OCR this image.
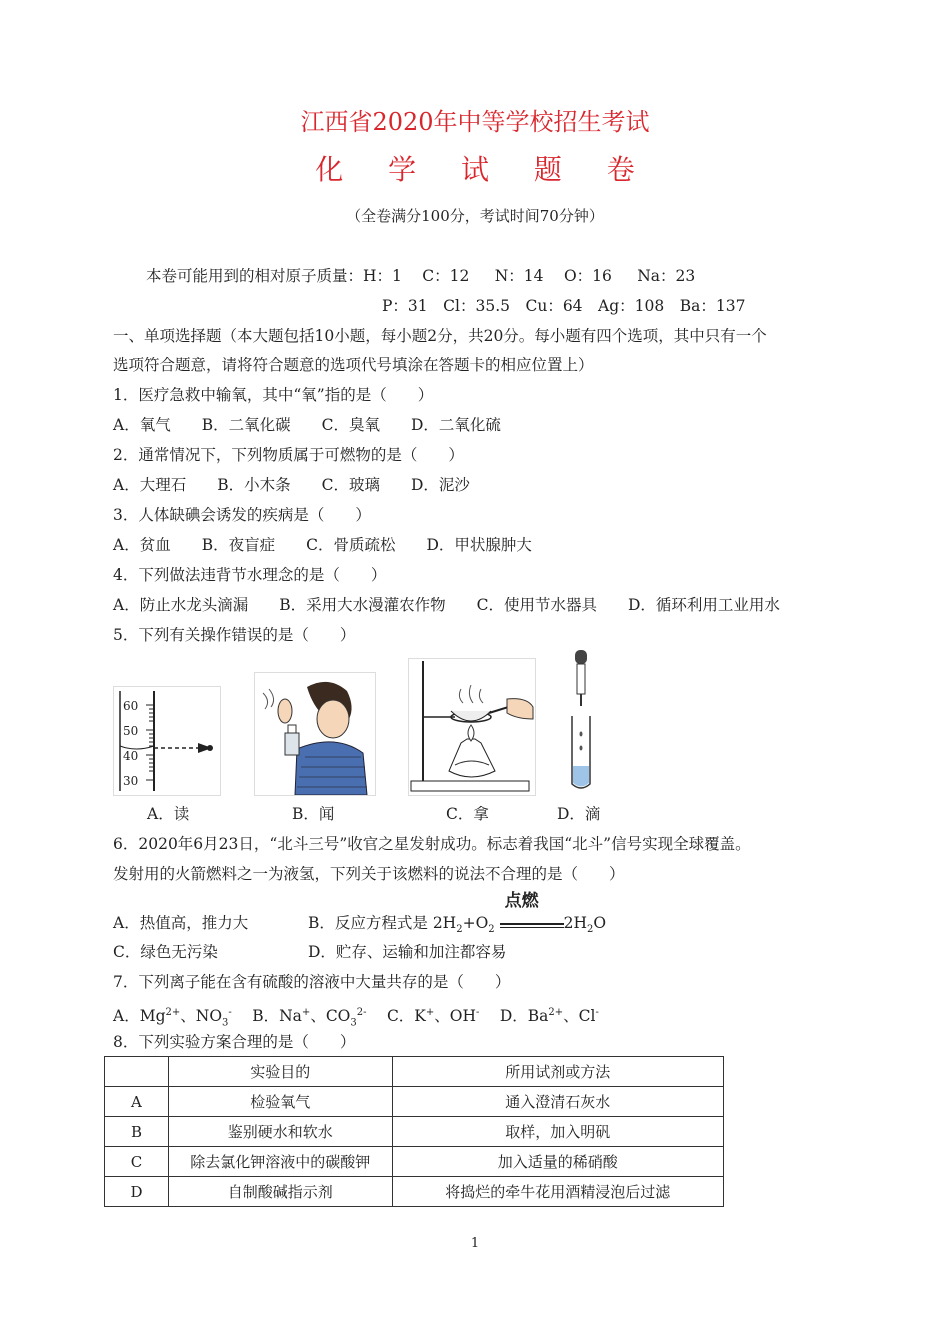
江西省2020年中等学校招生考试
化 学 试 题 卷
（全卷满分100分，考试时间70分钟）
本卷可能用到的相对原子质量：H：1　 C：12 　 N：14 　O：16 　 Na：23
P：31　Cl：35.5　Cu：64　Ag：108　Ba：137
一、单项选择题（本大题包括10小题，每小题2分，共20分。每小题有四个选项，其中只有一个
选项符合题意，请将符合题意的选项代号填涂在答题卡的相应位置上）
1．医疗急救中输氧，其中“氧”指的是（　　）
A．氧气　　B．二氧化碳　　C．臭氧　　D．二氧化硫
2．通常情况下，下列物质属于可燃物的是（　　）
A．大理石　　B．小木条　　C．玻璃　　D．泥沙
3．人体缺碘会诱发的疾病是（　　）
A．贫血　　B．夜盲症　　C．骨质疏松　　D．甲状腺肿大
4．下列做法违背节水理念的是（　　）
A．防止水龙头滴漏　　B．采用大水漫灌农作物　　C．使用节水器具　　D．循环利用工业用水
5．下列有关操作错误的是（　　）
60
50
40
30
A．读	B．闻	C．拿	D．滴
6．2020年6月23日，“北斗三号”收官之星发射成功。标志着我国“北斗”信号实现全球覆盖。
发射用的火箭燃料之一为液氢，下列关于该燃料的说法不合理的是（　　）
A．热值高，推力大	B．反应方程式是 $2H_2+O_2$
点燃
$2H_2O$
C．绿色无污染	D．贮存、运输和加注都容易
7．下列离子能在含有硫酸的溶液中大量共存的是（　　）
A．$Mg^{2+}$、$NO_3^-$　 B．Na+、$CO_3^{2-}$　 C．K+、OH-　 D．$Ba^{2+}$、Cl-
8．下列实验方案合理的是（　　）
	实验目的	所用试剂或方法
A	检验氧气	通入澄清石灰水
B	鉴别硬水和软水	取样，加入明矾
C	除去氯化钾溶液中的碳酸钾	加入适量的稀硝酸
D	自制酸碱指示剂	将捣烂的牵牛花用酒精浸泡后过滤
1
